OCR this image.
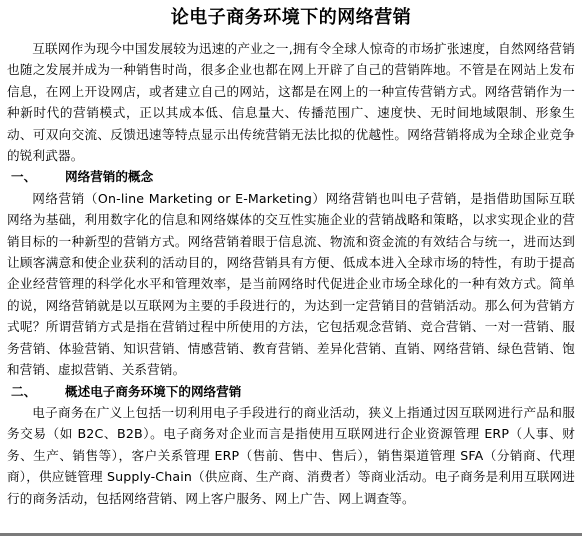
论电子商务环境下的网络营销

互联网作为现今中国发展较为迅速的产业之一,拥有令全球人惊奇的市场扩张速度，自然网络营销也随之发展并成为一种销售时尚，很多企业也都在网上开辟了自己的营销阵地。不管是在网站上发布信息，在网上开设网店，或者建立自己的网站，这都是在网上的一种宣传营销方式。网络营销作为一种新时代的营销模式，正以其成本低、信息量大、传播范围广、速度快、无时间地域限制、形象生动、可双向交流、反馈迅速等特点显示出传统营销无法比拟的优越性。网络营销将成为全球企业竞争的锐利武器。

一、	网络营销的概念

网络营销（On-line Marketing or E-Marketing）网络营销也叫电子营销，是指借助国际互联网络为基础，利用数字化的信息和网络媒体的交互性实施企业的营销战略和策略，以求实现企业的营销目标的一种新型的营销方式。网络营销着眼于信息流、物流和资金流的有效结合与统一，进而达到让顾客满意和使企业获利的活动目的，网络营销具有方便、低成本进入全球市场的特性，有助于提高企业经营管理的科学化水平和管理效率，是当前网络时代促进企业市场全球化的一种有效方式。简单的说，网络营销就是以互联网为主要的手段进行的，为达到一定营销目的营销活动。那么何为营销方式呢？所谓营销方式是指在营销过程中所使用的方法，它包括观念营销、竞合营销、一对一营销、服务营销、体验营销、知识营销、情感营销、教育营销、差异化营销、直销、网络营销、绿色营销、饱和营销、虚拟营销、关系营销。

二、	概述电子商务环境下的网络营销

电子商务在广义上包括一切利用电子手段进行的商业活动，狭义上指通过因互联网进行产品和服务交易（如 B2C、B2B）。电子商务对企业而言是指使用互联网进行企业资源管理 ERP（人事、财务、生产、销售等），客户关系管理 ERP（售前、售中、售后），销售渠道管理 SFA（分销商、代理商），供应链管理 Supply-Chain（供应商、生产商、消费者）等商业活动。电子商务是利用互联网进行的商务活动，包括网络营销、网上客户服务、网上广告、网上调查等。
